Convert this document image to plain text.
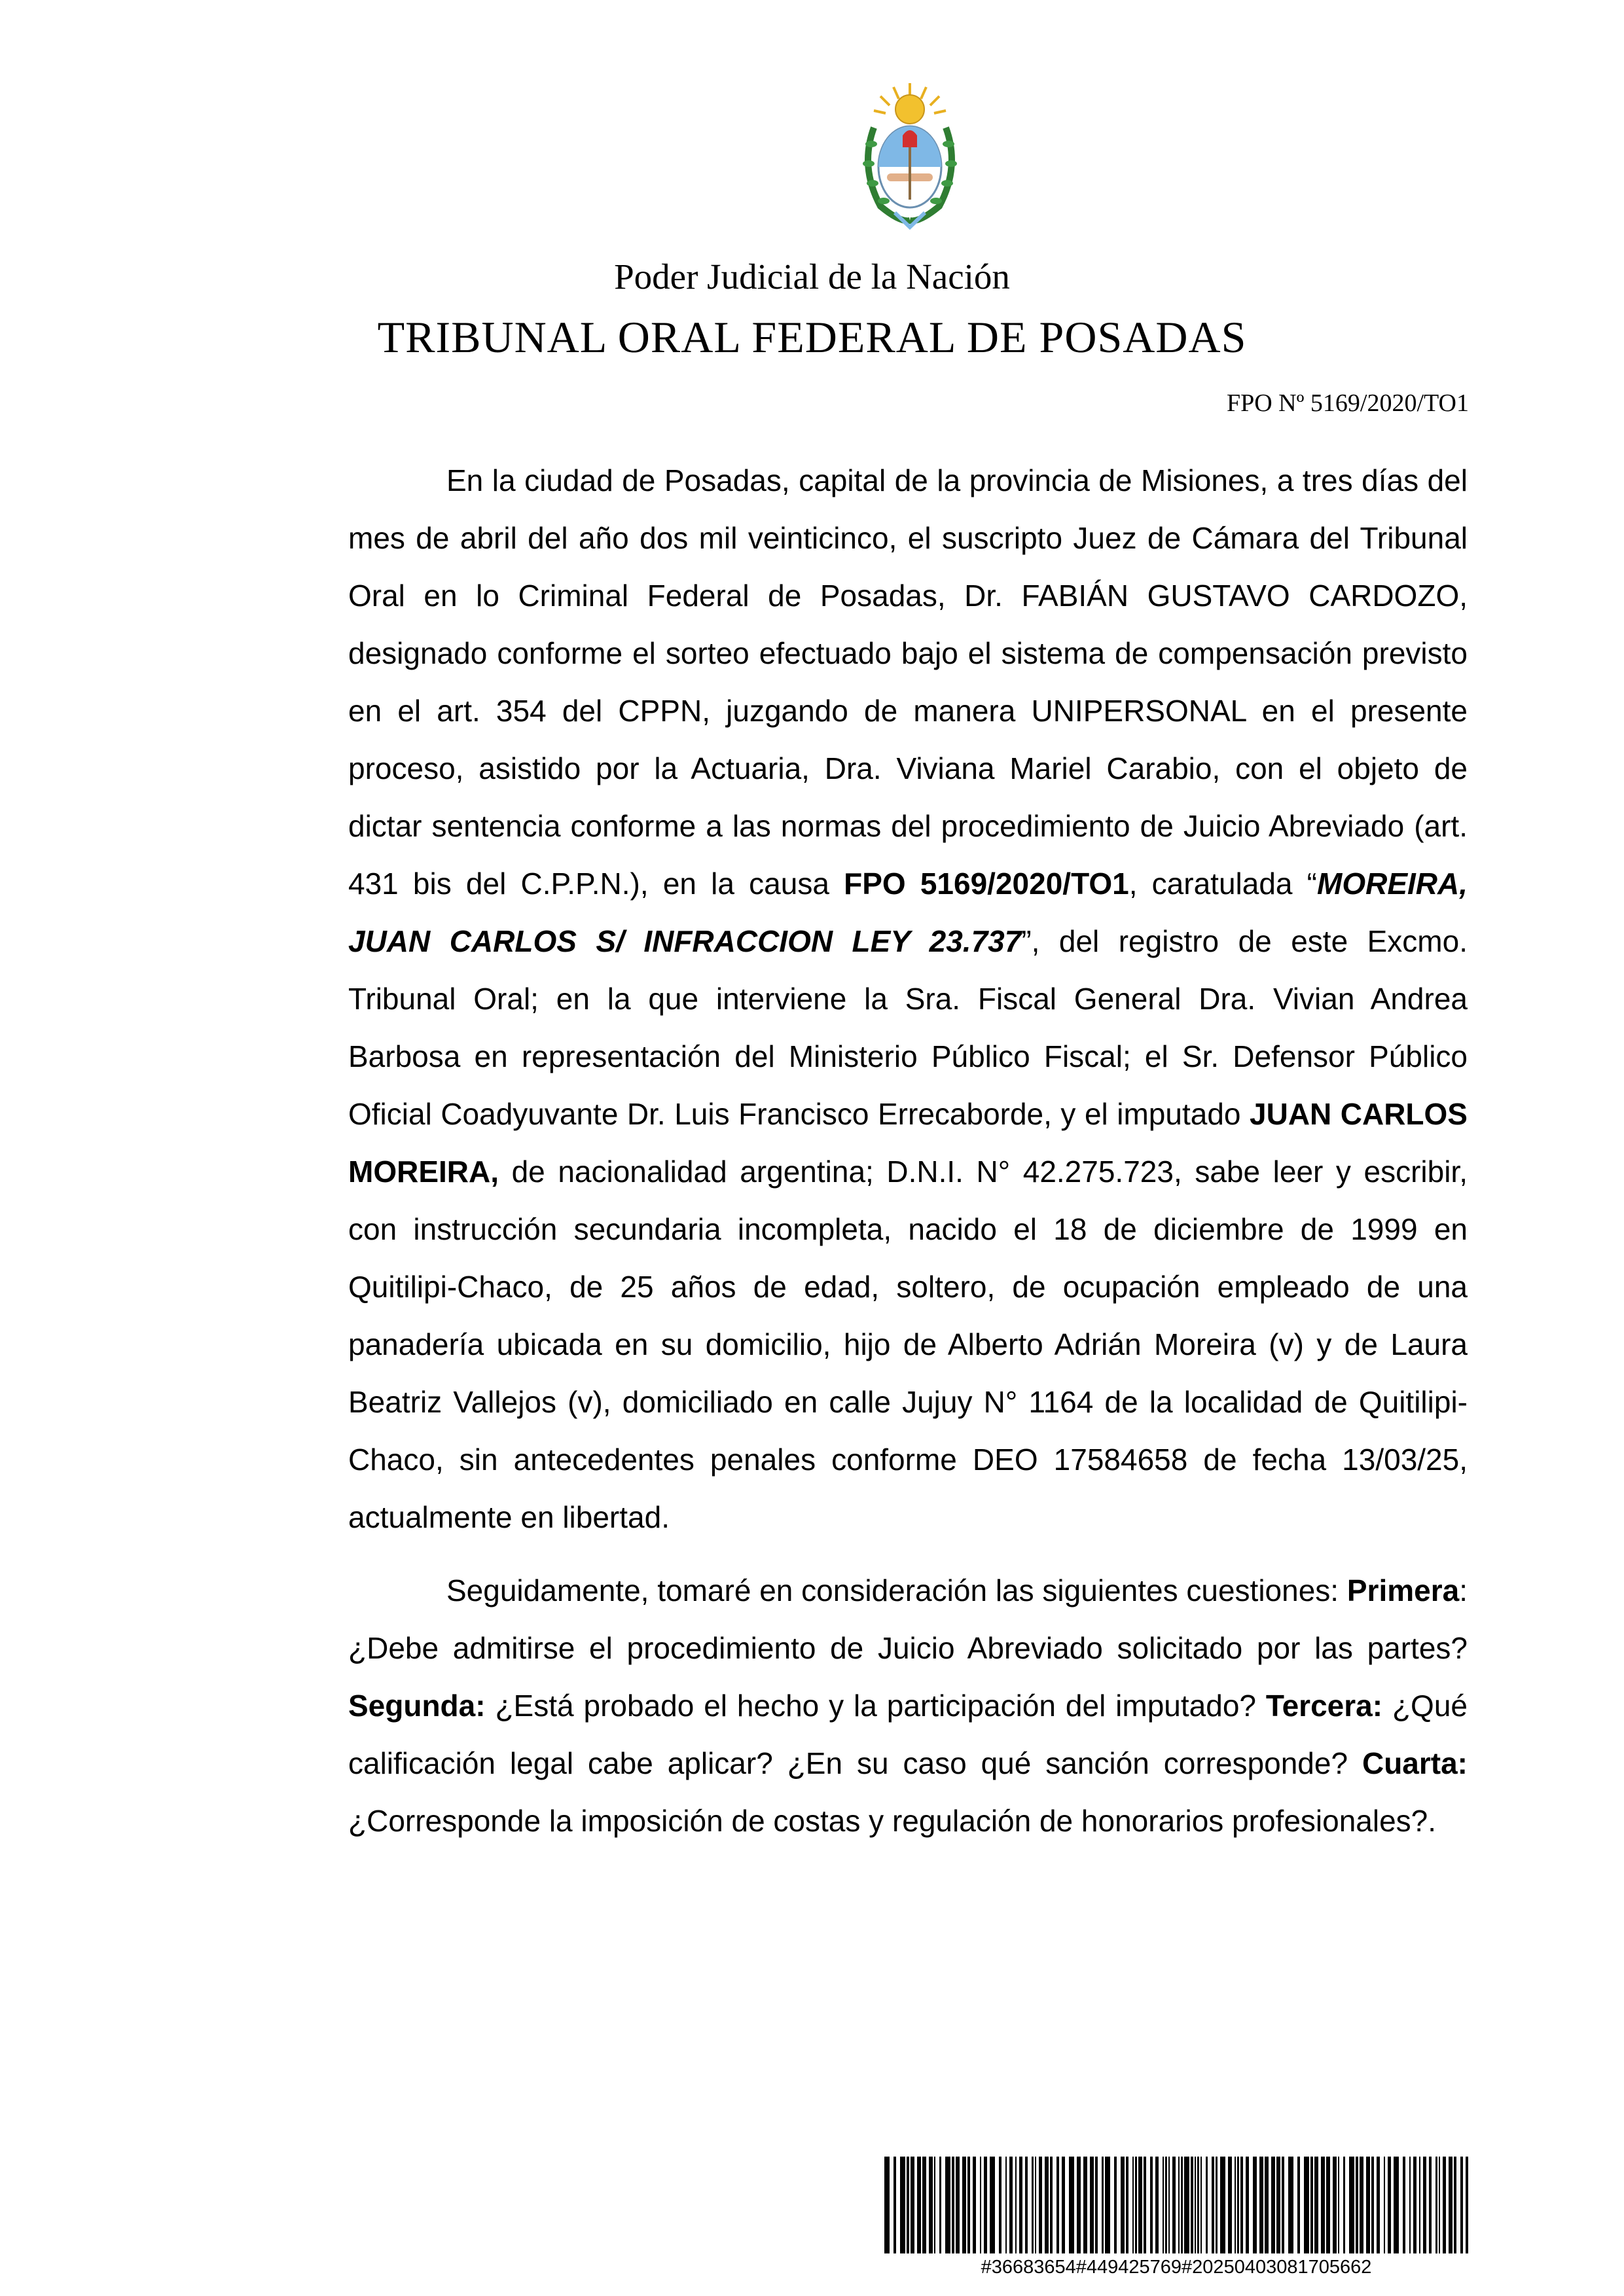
Poder Judicial de la Nación
TRIBUNAL ORAL FEDERAL DE POSADAS
FPO Nº 5169/2020/TO1

En la ciudad de Posadas, capital de la provincia de Misiones, a tres días del mes de abril del año dos mil veinticinco, el suscripto Juez de Cámara del Tribunal Oral en lo Criminal Federal de Posadas, Dr. FABIÁN GUSTAVO CARDOZO, designado conforme el sorteo efectuado bajo el sistema de compensación previsto en el art. 354 del CPPN, juzgando de manera UNIPERSONAL en el presente proceso, asistido por la Actuaria, Dra. Viviana Mariel Carabio, con el objeto de dictar sentencia conforme a las normas del procedimiento de Juicio Abreviado (art. 431 bis del C.P.P.N.), en la causa FPO 5169/2020/TO1, caratulada “MOREIRA, JUAN CARLOS S/ INFRACCION LEY 23.737”, del registro de este Excmo. Tribunal Oral; en la que interviene la Sra. Fiscal General Dra. Vivian Andrea Barbosa en representación del Ministerio Público Fiscal; el Sr. Defensor Público Oficial Coadyuvante Dr. Luis Francisco Errecaborde, y el imputado JUAN CARLOS MOREIRA, de nacionalidad argentina; D.N.I. N° 42.275.723, sabe leer y escribir, con instrucción secundaria incompleta, nacido el 18 de diciembre de 1999 en Quitilipi-Chaco, de 25 años de edad, soltero, de ocupación empleado de una panadería ubicada en su domicilio, hijo de Alberto Adrián Moreira (v) y de Laura Beatriz Vallejos (v), domiciliado en calle Jujuy N° 1164 de la localidad de Quitilipi-Chaco, sin antecedentes penales conforme DEO 17584658 de fecha 13/03/25, actualmente en libertad.

Seguidamente, tomaré en consideración las siguientes cuestiones: Primera: ¿Debe admitirse el procedimiento de Juicio Abreviado solicitado por las partes? Segunda: ¿Está probado el hecho y la participación del imputado? Tercera: ¿Qué calificación legal cabe aplicar? ¿En su caso qué sanción corresponde? Cuarta: ¿Corresponde la imposición de costas y regulación de honorarios profesionales?.

#36683654#449425769#20250403081705662
